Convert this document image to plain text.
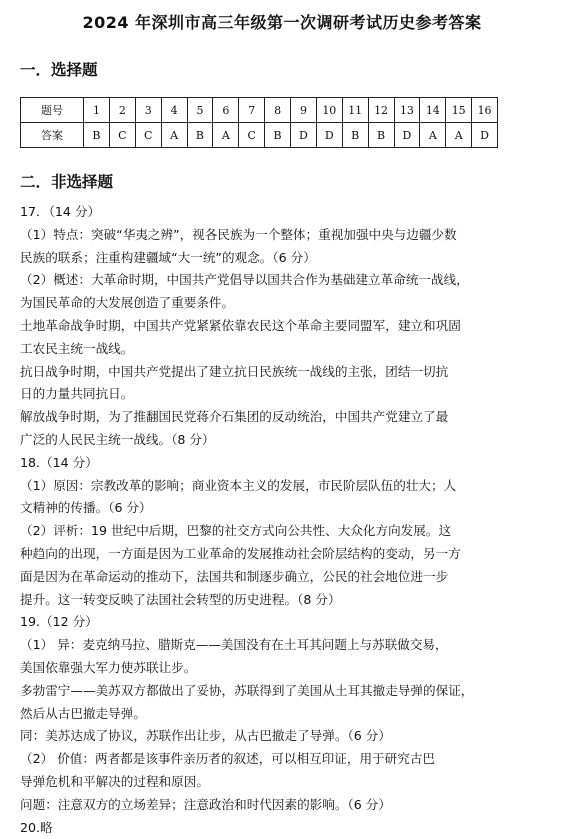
2024 年深圳市高三年级第一次调研考试历史参考答案
一．选择题
题号	1	2	3	4	5	6	7	8	9	10	11	12	13	14	15	16
答案	B	C	C	A	B	A	C	B	D	D	B	B	D	A	A	D
二．非选择题
17．（14 分）
（1）特点：突破“华夷之辨”，视各民族为一个整体；重视加强中央与边疆少数
民族的联系；注重构建疆域“大一统”的观念。（6 分）
（2）概述：大革命时期，中国共产党倡导以国共合作为基础建立革命统一战线，
为国民革命的大发展创造了重要条件。
土地革命战争时期，中国共产党紧紧依靠农民这个革命主要同盟军，建立和巩固
工农民主统一战线。
抗日战争时期，中国共产党提出了建立抗日民族统一战线的主张，团结一切抗
日的力量共同抗日。
解放战争时期，为了推翻国民党蒋介石集团的反动统治，中国共产党建立了最
广泛的人民民主统一战线。（8 分）
18.（14 分）
（1）原因：宗教改革的影响；商业资本主义的发展，市民阶层队伍的壮大；人
文精神的传播。（6 分）
（2）评析：19 世纪中后期，巴黎的社交方式向公共性、大众化方向发展。这
种趋向的出现，一方面是因为工业革命的发展推动社会阶层结构的变动，另一方
面是因为在革命运动的推动下，法国共和制逐步确立，公民的社会地位进一步
提升。这一转变反映了法国社会转型的历史进程。（8 分）
19.（12 分）
（1） 异：麦克纳马拉、腊斯克——美国没有在土耳其问题上与苏联做交易，
美国依靠强大军力使苏联让步。
多勃雷宁——美苏双方都做出了妥协，苏联得到了美国从土耳其撤走导弹的保证，
然后从古巴撤走导弹。
同：美苏达成了协议，苏联作出让步，从古巴撤走了导弹。（6 分）
（2） 价值：两者都是该事件亲历者的叙述，可以相互印证，用于研究古巴
导弹危机和平解决的过程和原因。
问题：注意双方的立场差异；注意政治和时代因素的影响。（6 分）
20.略
